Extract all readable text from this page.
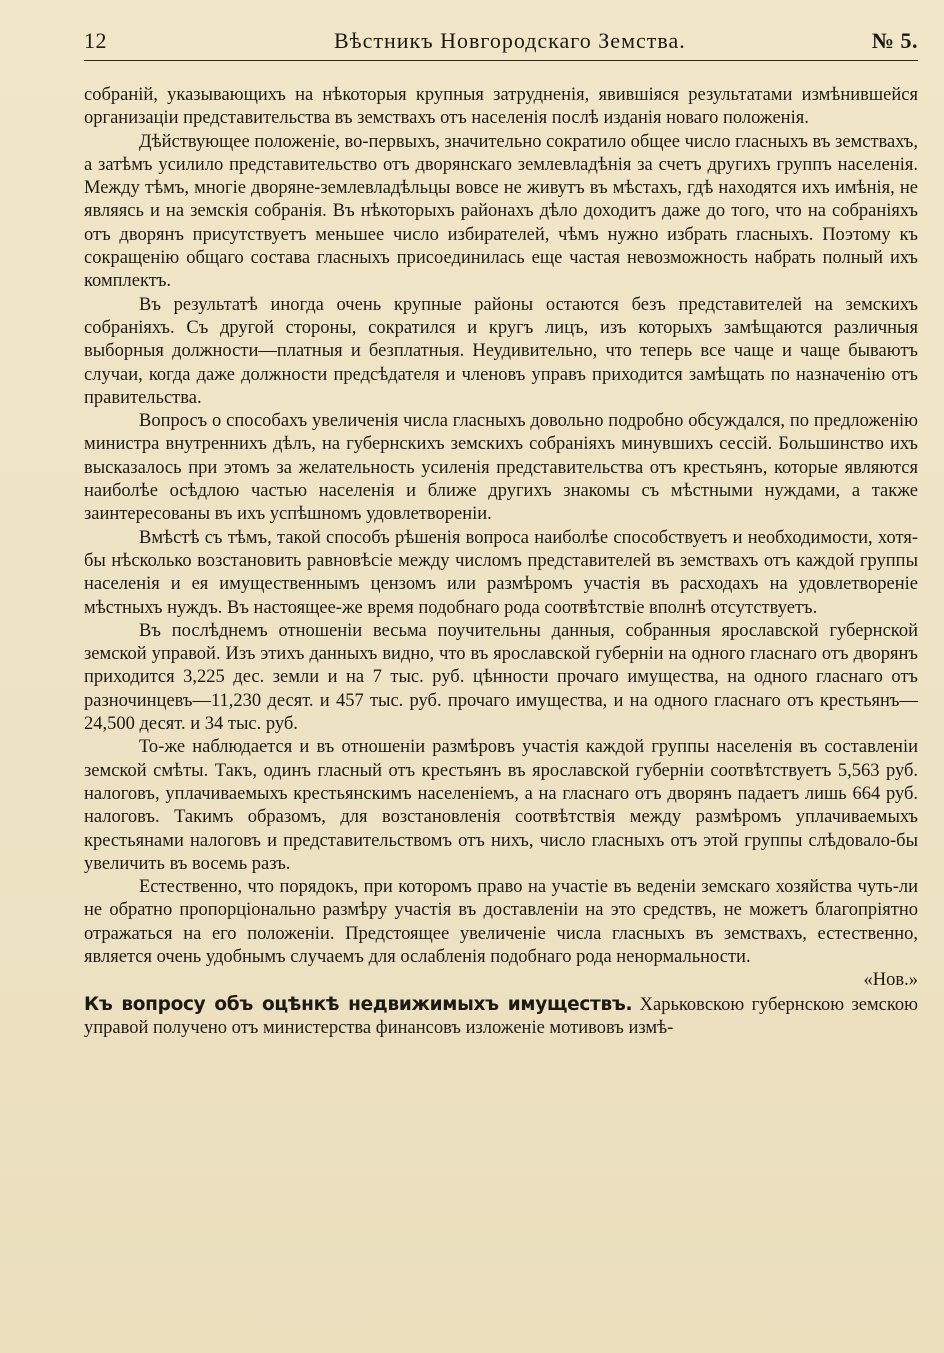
12	Вѣстникъ Новгородскаго Земства.	№ 5.

собраній, указывающихъ на нѣкоторыя крупныя затрудненія, явившіяся результатами измѣнившейся организаціи представительства въ земствахъ отъ населенія послѣ изданія новаго положенія.

Дѣйствующее положеніе, во-первыхъ, значительно сократило общее число гласныхъ въ земствахъ, а затѣмъ усилило представительство отъ дворянскаго землевладѣнія за счетъ другихъ группъ населенія. Между тѣмъ, многіе дворяне-землевладѣльцы вовсе не живутъ въ мѣстахъ, гдѣ находятся ихъ имѣнія, не являясь и на земскія собранія. Въ нѣкоторыхъ районахъ дѣло доходитъ даже до того, что на собраніяхъ отъ дворянъ присутствуетъ меньшее число избирателей, чѣмъ нужно избрать гласныхъ. Поэтому къ сокращенію общаго состава гласныхъ присоединилась еще частая невозможность набрать полный ихъ комплектъ.

Въ результатѣ иногда очень крупные районы остаются безъ представителей на земскихъ собраніяхъ. Съ другой стороны, сократился и кругъ лицъ, изъ которыхъ замѣщаются различныя выборныя должности—платныя и безплатныя. Неудивительно, что теперь все чаще и чаще бываютъ случаи, когда даже должности предсѣдателя и членовъ управъ приходится замѣщать по назначенію отъ правительства.

Вопросъ о способахъ увеличенія числа гласныхъ довольно подробно обсуждался, по предложенію министра внутреннихъ дѣлъ, на губернскихъ земскихъ собраніяхъ минувшихъ сессій. Большинство ихъ высказалось при этомъ за желательность усиленія представительства отъ крестьянъ, которые являются наиболѣе осѣдлою частью населенія и ближе другихъ знакомы съ мѣстными нуждами, а также заинтересованы въ ихъ успѣшномъ удовлетвореніи.

Вмѣстѣ съ тѣмъ, такой способъ рѣшенія вопроса наиболѣе способствуетъ и необходимости, хотя-бы нѣсколько возстановить равновѣсіе между числомъ представителей въ земствахъ отъ каждой группы населенія и ея имущественнымъ цензомъ или размѣромъ участія въ расходахъ на удовлетвореніе мѣстныхъ нуждъ. Въ настоящее-же время подобнаго рода соотвѣтствіе вполнѣ отсутствуетъ.

Въ послѣднемъ отношеніи весьма поучительны данныя, собранныя ярославской губернской земской управой. Изъ этихъ данныхъ видно, что въ ярославской губерніи на одного гласнаго отъ дворянъ приходится 3,225 дес. земли и на 7 тыс. руб. цѣнности прочаго имущества, на одного гласнаго отъ разночинцевъ—11,230 десят. и 457 тыс. руб. прочаго имущества, и на одного гласнаго отъ крестьянъ—24,500 десят. и 34 тыс. руб.

То-же наблюдается и въ отношеніи размѣровъ участія каждой группы населенія въ составленіи земской смѣты. Такъ, одинъ гласный отъ крестьянъ въ ярославской губерніи соотвѣтствуетъ 5,563 руб. налоговъ, уплачиваемыхъ крестьянскимъ населеніемъ, а на гласнаго отъ дворянъ падаетъ лишь 664 руб. налоговъ. Такимъ образомъ, для возстановленія соотвѣтствія между размѣромъ уплачиваемыхъ крестьянами налоговъ и представительствомъ отъ нихъ, число гласныхъ отъ этой группы слѣдовало-бы увеличить въ восемь разъ.

Естественно, что порядокъ, при которомъ право на участіе въ веденіи земскаго хозяйства чуть-ли не обратно пропорціонально размѣру участія въ доставленіи на это средствъ, не можетъ благопріятно отражаться на его положеніи. Предстоящее увеличеніе числа гласныхъ въ земствахъ, естественно, является очень удобнымъ случаемъ для ослабленія подобнаго рода ненормальности.

«Нов.»

Къ вопросу объ оцѣнкѣ недвижимыхъ имуществъ. Харьковскою губернскою земскою управой получено отъ министерства финансовъ изложеніе мотивовъ измѣ-
